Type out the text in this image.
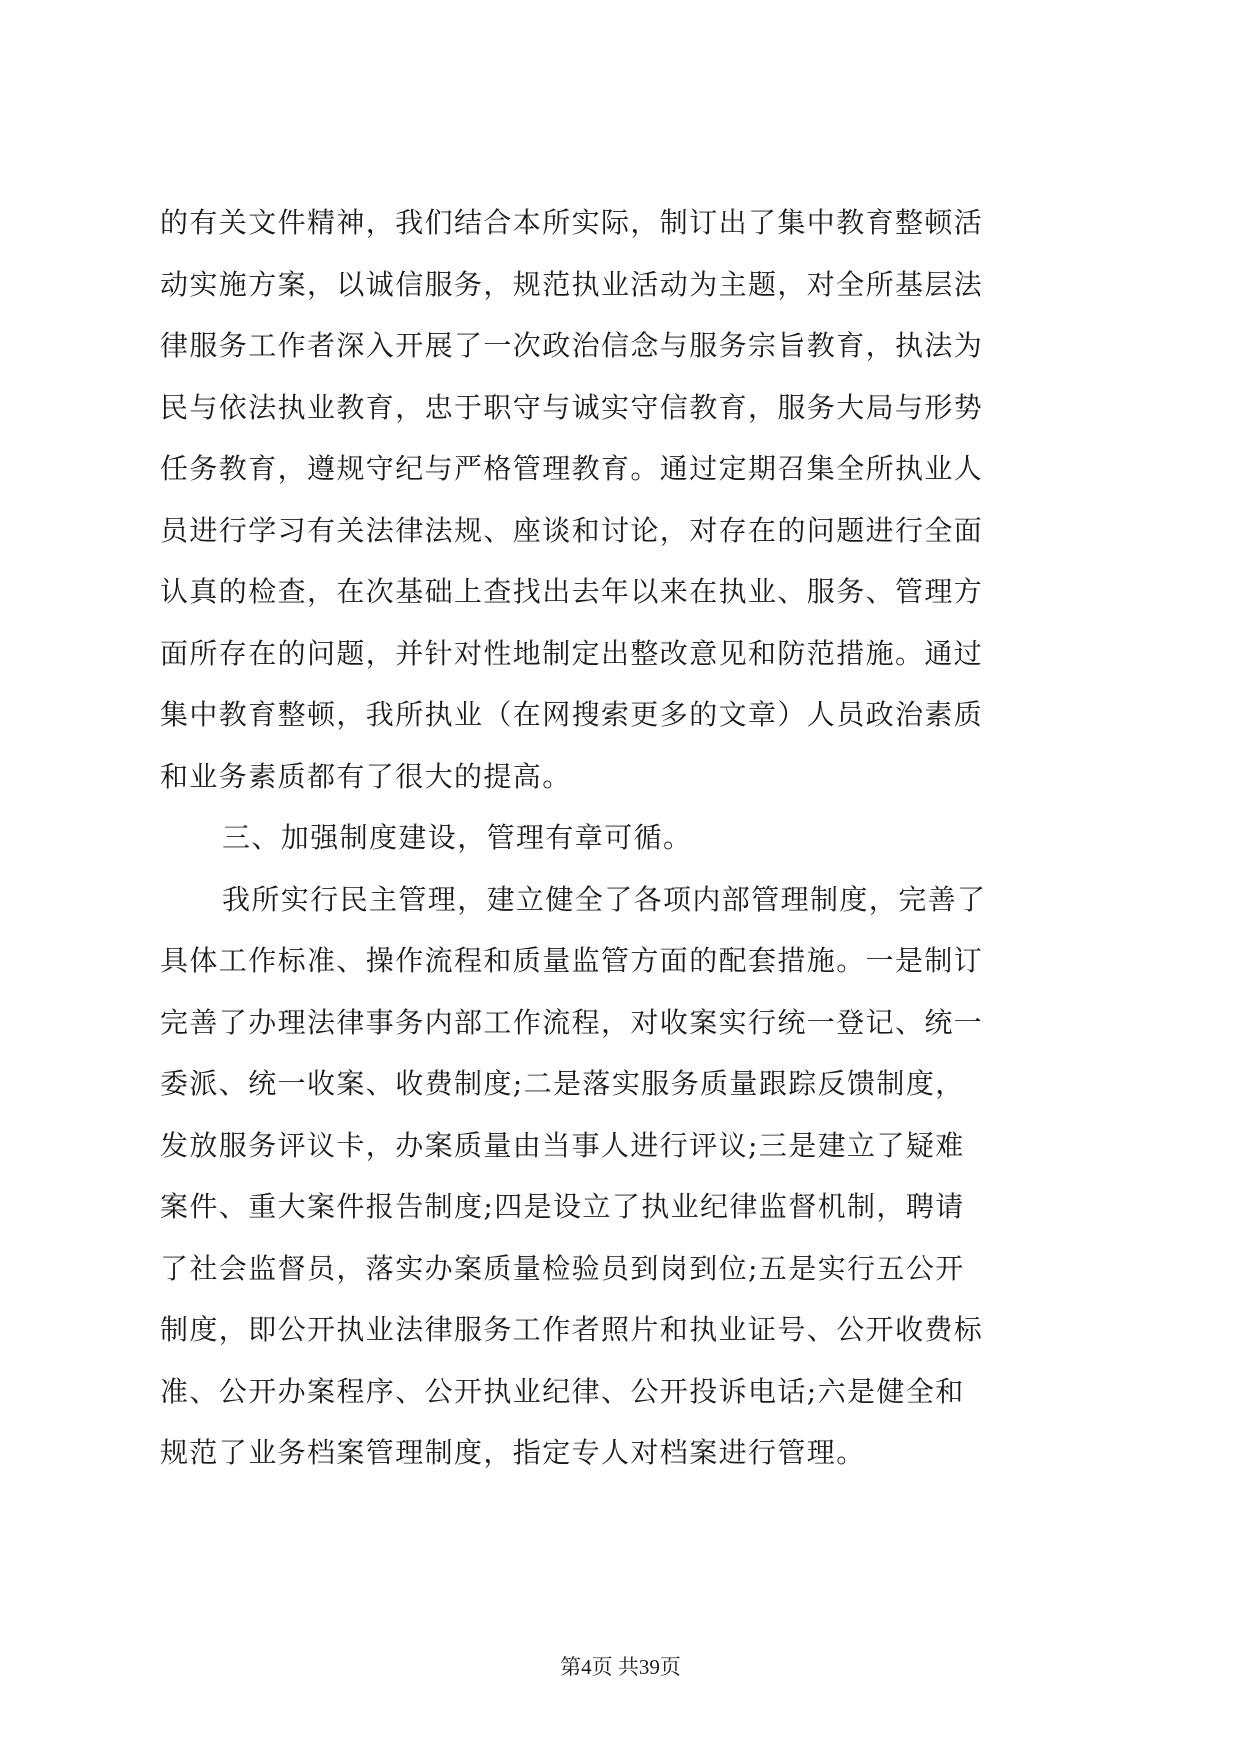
的有关文件精神，我们结合本所实际，制订出了集中教育整顿活
动实施方案，以诚信服务，规范执业活动为主题，对全所基层法
律服务工作者深入开展了一次政治信念与服务宗旨教育，执法为
民与依法执业教育，忠于职守与诚实守信教育，服务大局与形势
任务教育，遵规守纪与严格管理教育。通过定期召集全所执业人
员进行学习有关法律法规、座谈和讨论，对存在的问题进行全面
认真的检查，在次基础上查找出去年以来在执业、服务、管理方
面所存在的问题，并针对性地制定出整改意见和防范措施。通过
集中教育整顿，我所执业（在网搜索更多的文章）人员政治素质
和业务素质都有了很大的提高。
三、加强制度建设，管理有章可循。
我所实行民主管理，建立健全了各项内部管理制度，完善了
具体工作标准、操作流程和质量监管方面的配套措施。一是制订
完善了办理法律事务内部工作流程，对收案实行统一登记、统一
委派、统一收案、收费制度;二是落实服务质量跟踪反馈制度，
发放服务评议卡，办案质量由当事人进行评议;三是建立了疑难
案件、重大案件报告制度;四是设立了执业纪律监督机制，聘请
了社会监督员，落实办案质量检验员到岗到位;五是实行五公开
制度，即公开执业法律服务工作者照片和执业证号、公开收费标
准、公开办案程序、公开执业纪律、公开投诉电话;六是健全和
规范了业务档案管理制度，指定专人对档案进行管理。
第4页 共39页
